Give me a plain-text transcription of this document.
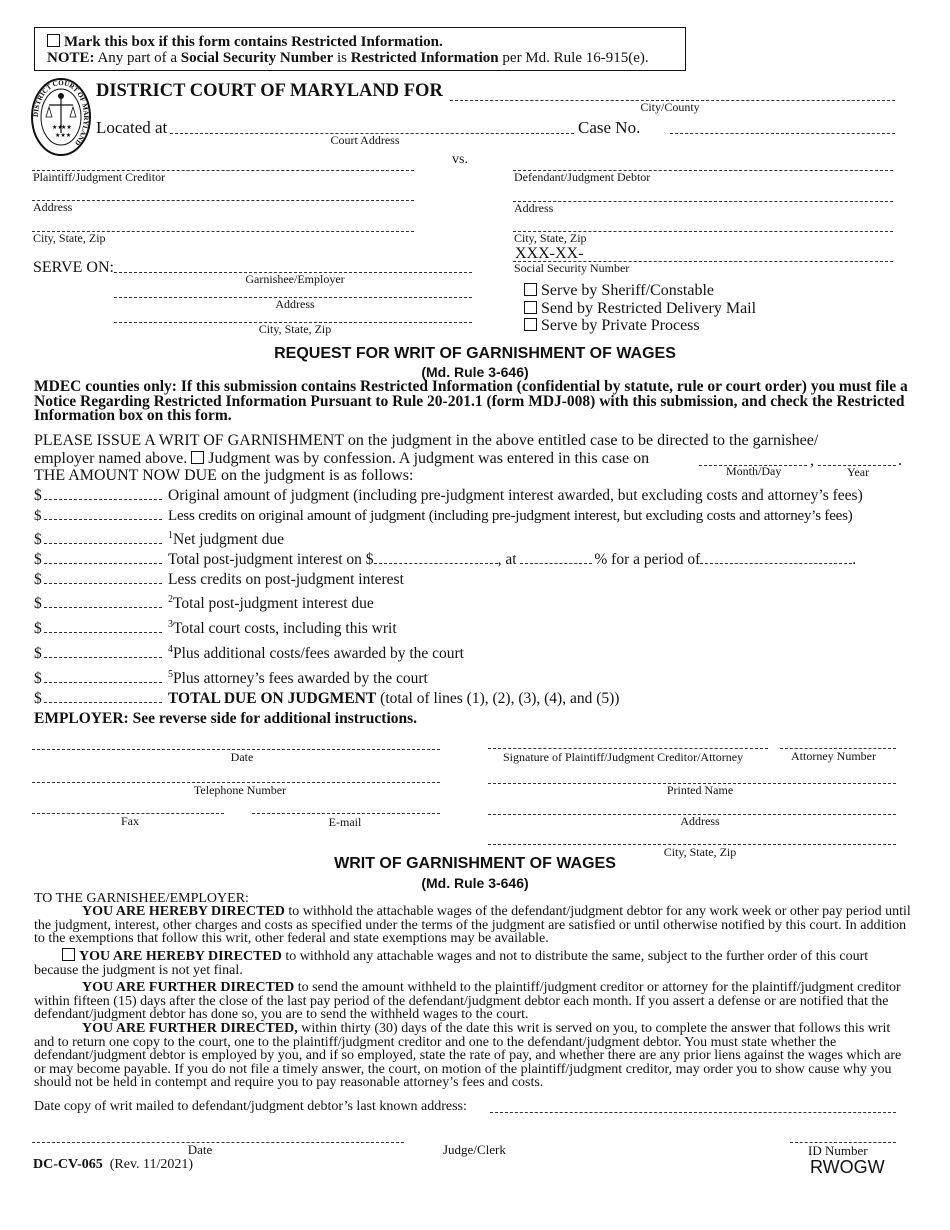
Mark this box if this form contains Restricted Information.
NOTE: Any part of a Social Security Number is Restricted Information per Md. Rule 16-915(e).
DISTRICT COURT OF MARYLAND
★★
★★
★★★
DISTRICT COURT OF MARYLAND FOR
City/County
Located at
Court Address
Case No.
vs.
Plaintiff/Judgment Creditor
Address
City, State, Zip
Defendant/Judgment Debtor
Address
City, State, Zip
XXX-XX-
Social Security Number
SERVE ON:
Garnishee/Employer
Address
City, State, Zip
Serve by Sheriff/Constable
Send by Restricted Delivery Mail
Serve by Private Process
REQUEST FOR WRIT OF GARNISHMENT OF WAGES
(Md. Rule 3-646)
MDEC counties only: If this submission contains Restricted Information (confidential by statute, rule or court order) you must file a Notice Regarding Restricted Information Pursuant to Rule 20-201.1 (form MDJ-008) with this submission, and check the Restricted Information box on this form.
PLEASE ISSUE A WRIT OF GARNISHMENT on the judgment in the above entitled case to be directed to the garnishee/
employer named above. Judgment was by confession. A judgment was entered in this case on	,	.
Month/Day	Year
THE AMOUNT NOW DUE on the judgment is as follows:
$	Original amount of judgment (including pre-judgment interest awarded, but excluding costs and attorney’s fees)
$	Less credits on original amount of judgment (including pre-judgment interest, but excluding costs and attorney’s fees)
$	$^1$Net judgment due
$	Total post-judgment interest on $	, at	% for a period of	.
$	Less credits on post-judgment interest
$	$^2$Total post-judgment interest due
$	$^3$Total court costs, including this writ
$	$^4$Plus additional costs/fees awarded by the court
$	$^5$Plus attorney’s fees awarded by the court
$	TOTAL DUE ON JUDGMENT (total of lines (1), (2), (3), (4), and (5))
EMPLOYER: See reverse side for additional instructions.
Date
Telephone Number
Fax	E-mail
Signature of Plaintiff/Judgment Creditor/Attorney	Attorney Number
Printed Name
Address
City, State, Zip
WRIT OF GARNISHMENT OF WAGES
(Md. Rule 3-646)
TO THE GARNISHEE/EMPLOYER:
YOU ARE HEREBY DIRECTED to withhold the attachable wages of the defendant/judgment debtor for any work week or other pay period until the judgment, interest, other charges and costs as specified under the terms of the judgment are satisfied or until otherwise notified by this court. In addition to the exemptions that follow this writ, other federal and state exemptions may be available.
YOU ARE HEREBY DIRECTED to withhold any attachable wages and not to distribute the same, subject to the further order of this court because the judgment is not yet final.
YOU ARE FURTHER DIRECTED to send the amount withheld to the plaintiff/judgment creditor or attorney for the plaintiff/judgment creditor within fifteen (15) days after the close of the last pay period of the defendant/judgment debtor each month. If you assert a defense or are notified that the defendant/judgment debtor has done so, you are to send the withheld wages to the court.
YOU ARE FURTHER DIRECTED, within thirty (30) days of the date this writ is served on you, to complete the answer that follows this writ and to return one copy to the court, one to the plaintiff/judgment creditor and one to the defendant/judgment debtor. You must state whether the defendant/judgment debtor is employed by you, and if so employed, state the rate of pay, and whether there are any prior liens against the wages which are or may become payable. If you do not file a timely answer, the court, on motion of the plaintiff/judgment creditor, may order you to show cause why you should not be held in contempt and require you to pay reasonable attorney’s fees and costs.
Date copy of writ mailed to defendant/judgment debtor’s last known address:
Date	Judge/Clerk	ID Number
DC-CV-065 (Rev. 11/2021)	RWOGW
